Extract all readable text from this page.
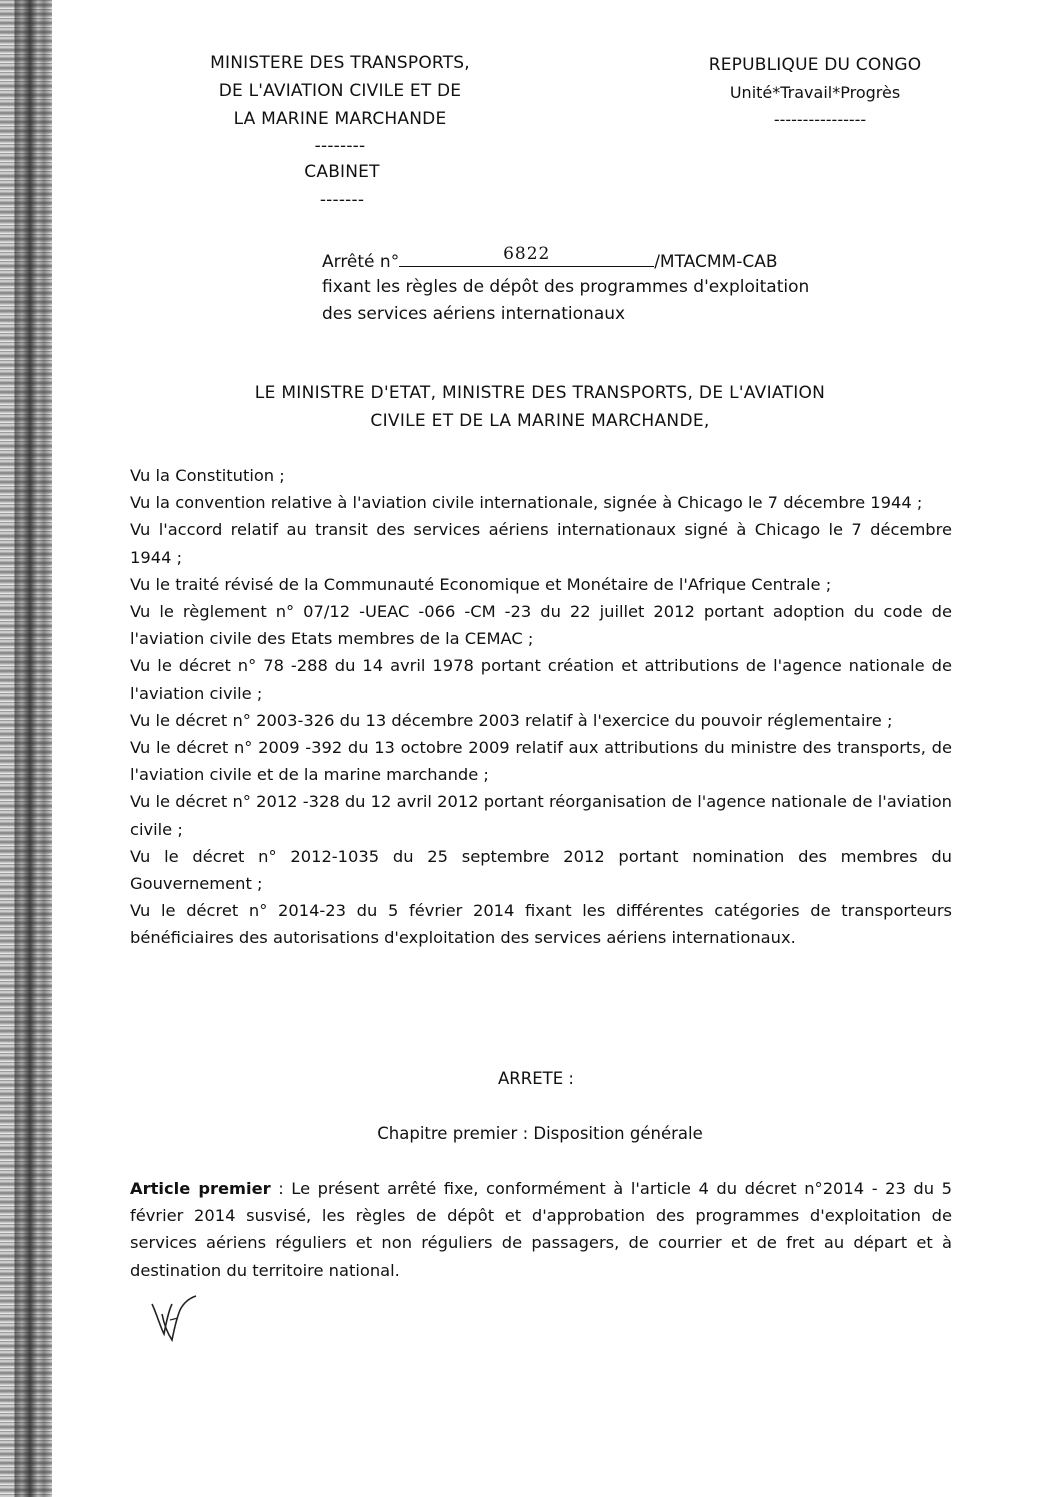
MINISTERE DES TRANSPORTS,
DE L'AVIATION CIVILE ET DE
LA MARINE MARCHANDE
--------
CABINET
-------
REPUBLIQUE DU CONGO
Unité*Travail*Progrès
----------------
Arrêté n°	6822	/MTACMM-CAB
fixant les règles de dépôt des programmes d'exploitation
des services aériens internationaux
LE MINISTRE D'ETAT, MINISTRE DES TRANSPORTS, DE L'AVIATION
CIVILE ET DE LA MARINE MARCHANDE,

Vu la Constitution ;

Vu la convention relative à l'aviation civile internationale, signée à Chicago le 7 décembre 1944 ;

Vu l'accord relatif au transit des services aériens internationaux signé à Chicago le 7 décembre 1944 ;

Vu le traité révisé de la Communauté Economique et Monétaire de l'Afrique Centrale ;

Vu le règlement n° 07/12 -UEAC -066 -CM -23 du 22 juillet 2012 portant adoption du code de l'aviation civile des Etats membres de la CEMAC ;

Vu le décret n° 78 -288 du 14 avril 1978 portant création et attributions de l'agence nationale de l'aviation civile ;

Vu le décret n° 2003-326 du 13 décembre 2003 relatif à l'exercice du pouvoir réglementaire ;

Vu le décret n° 2009 -392 du 13 octobre 2009 relatif aux attributions du ministre des transports, de l'aviation civile et de la marine marchande ;

Vu le décret n° 2012 -328 du 12 avril 2012 portant réorganisation de l'agence nationale de l'aviation civile ;

Vu le décret n° 2012-1035 du 25 septembre 2012 portant nomination des membres du Gouvernement ;

Vu le décret n° 2014-23 du 5 février 2014 fixant les différentes catégories de transporteurs bénéficiaires des autorisations d'exploitation des services aériens internationaux.

ARRETE :
Chapitre premier : Disposition générale

Article premier : Le présent arrêté fixe, conformément à l'article 4 du décret n°2014 - 23 du 5 février 2014 susvisé, les règles de dépôt et d'approbation des programmes d'exploitation de services aériens réguliers et non réguliers de passagers, de courrier et de fret au départ et à destination du territoire national.
